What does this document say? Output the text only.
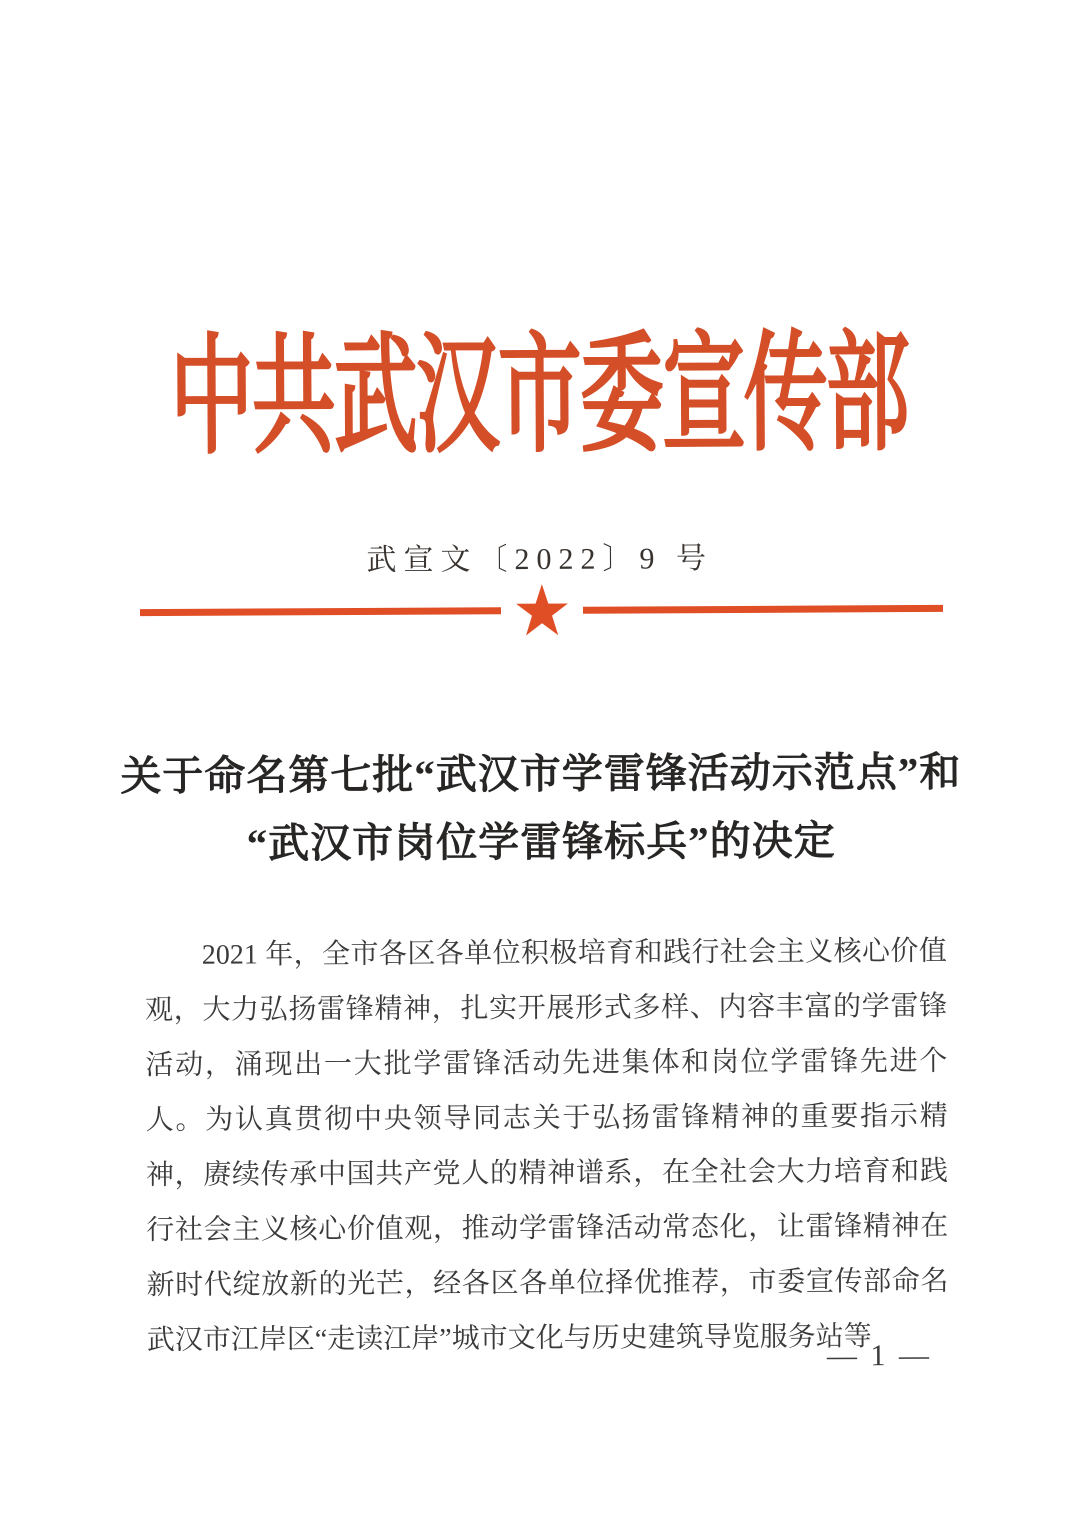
中共武汉市委宣传部
武宣文〔2022〕9 号
关于命名第七批“武汉市学雷锋活动示范点”和
“武汉市岗位学雷锋标兵”的决定
2021 年，全市各区各单位积极培育和践行社会主义核心价值
观，大力弘扬雷锋精神，扎实开展形式多样、内容丰富的学雷锋
活动，涌现出一大批学雷锋活动先进集体和岗位学雷锋先进个
人。为认真贯彻中央领导同志关于弘扬雷锋精神的重要指示精
神，赓续传承中国共产党人的精神谱系，在全社会大力培育和践
行社会主义核心价值观，推动学雷锋活动常态化，让雷锋精神在
新时代绽放新的光芒，经各区各单位择优推荐，市委宣传部命名
武汉市江岸区“走读江岸”城市文化与历史建筑导览服务站等
— 1 —
